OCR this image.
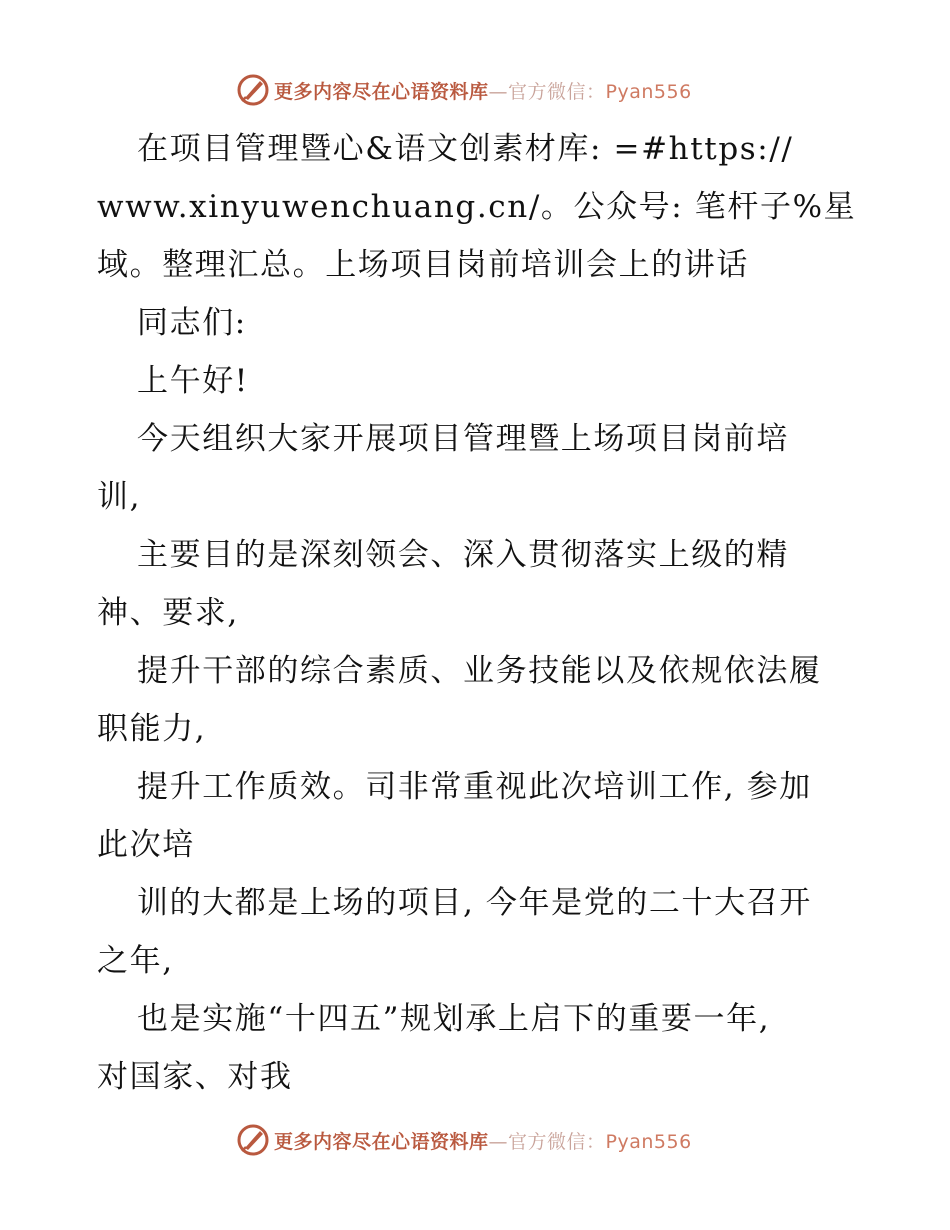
更多内容尽在心语资料库—官方微信：Pyan556
在项目管理暨心&语文创素材库: =#https://
www.xinyuwenchuang.cn/。公众号: 笔杆子%星
域。整理汇总。上场项目岗前培训会上的讲话
同志们:
上午好!
今天组织大家开展项目管理暨上场项目岗前培
训,
主要目的是深刻领会、深入贯彻落实上级的精
神、要求,
提升干部的综合素质、业务技能以及依规依法履
职能力,
提升工作质效。司非常重视此次培训工作, 参加
此次培
训的大都是上场的项目, 今年是党的二十大召开
之年,
也是实施“十四五”规划承上启下的重要一年,
对国家、对我
更多内容尽在心语资料库—官方微信：Pyan556
